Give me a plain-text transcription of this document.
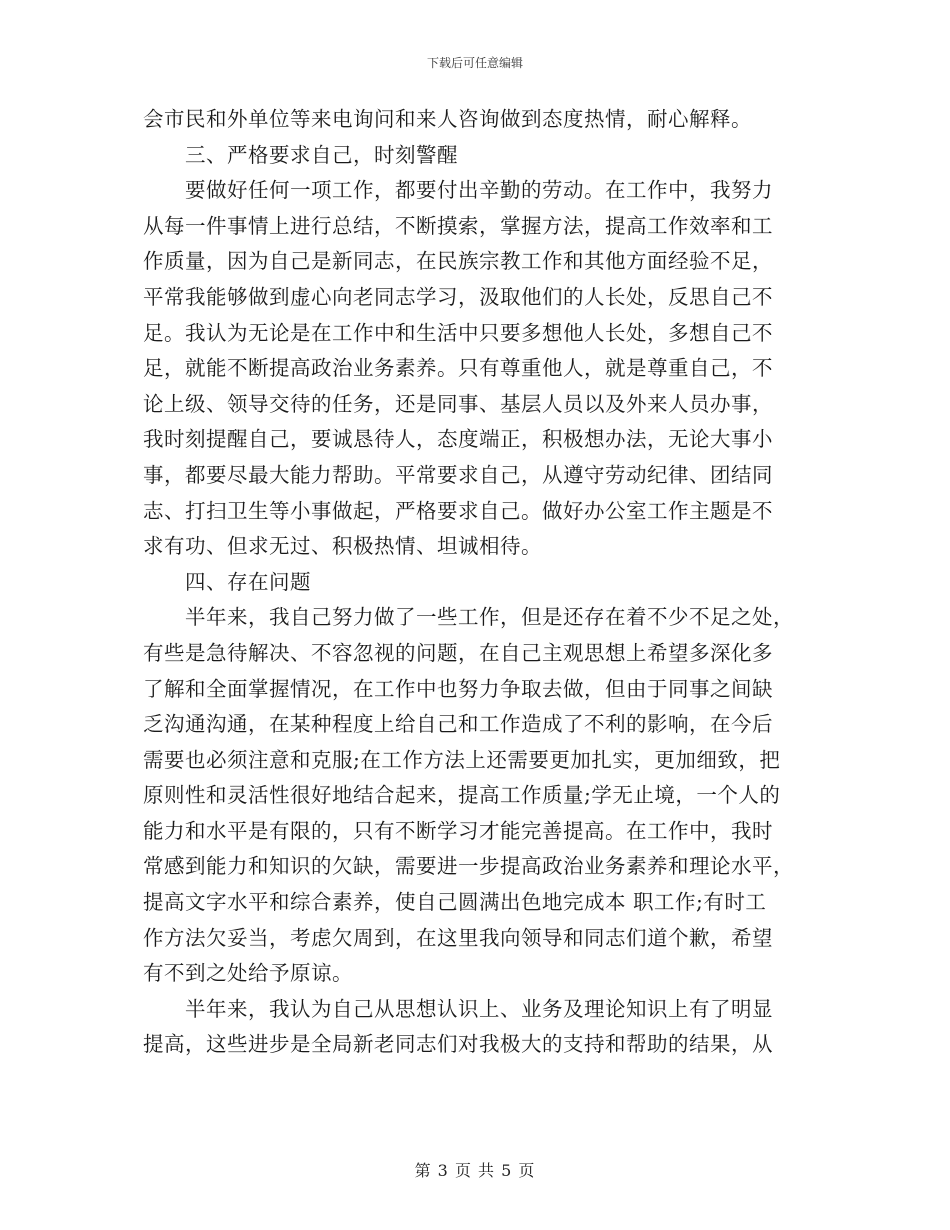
下载后可任意编辑
会市民和外单位等来电询问和来人咨询做到态度热情，耐心解释。
三、严格要求自己，时刻警醒
要做好任何一项工作，都要付出辛勤的劳动。在工作中，我努力
从每一件事情上进行总结，不断摸索，掌握方法，提高工作效率和工
作质量，因为自己是新同志，在民族宗教工作和其他方面经验不足，
平常我能够做到虚心向老同志学习，汲取他们的人长处，反思自己不
足。我认为无论是在工作中和生活中只要多想他人长处，多想自己不
足，就能不断提高政治业务素养。只有尊重他人，就是尊重自己，不
论上级、领导交待的任务，还是同事、基层人员以及外来人员办事，
我时刻提醒自己，要诚恳待人，态度端正，积极想办法，无论大事小
事，都要尽最大能力帮助。平常要求自己，从遵守劳动纪律、团结同
志、打扫卫生等小事做起，严格要求自己。做好办公室工作主题是不
求有功、但求无过、积极热情、坦诚相待。
四、存在问题
半年来，我自己努力做了一些工作，但是还存在着不少不足之处，
有些是急待解决、不容忽视的问题，在自己主观思想上希望多深化多
了解和全面掌握情况，在工作中也努力争取去做，但由于同事之间缺
乏沟通沟通，在某种程度上给自己和工作造成了不利的影响，在今后
需要也必须注意和克服;在工作方法上还需要更加扎实，更加细致，把
原则性和灵活性很好地结合起来，提高工作质量;学无止境，一个人的
能力和水平是有限的，只有不断学习才能完善提高。在工作中，我时
常感到能力和知识的欠缺，需要进一步提高政治业务素养和理论水平，
提高文字水平和综合素养，使自己圆满出色地完成本 职工作;有时工
作方法欠妥当，考虑欠周到，在这里我向领导和同志们道个歉，希望
有不到之处给予原谅。
半年来，我认为自己从思想认识上、业务及理论知识上有了明显
提高，这些进步是全局新老同志们对我极大的支持和帮助的结果，从
第 3 页 共 5 页
